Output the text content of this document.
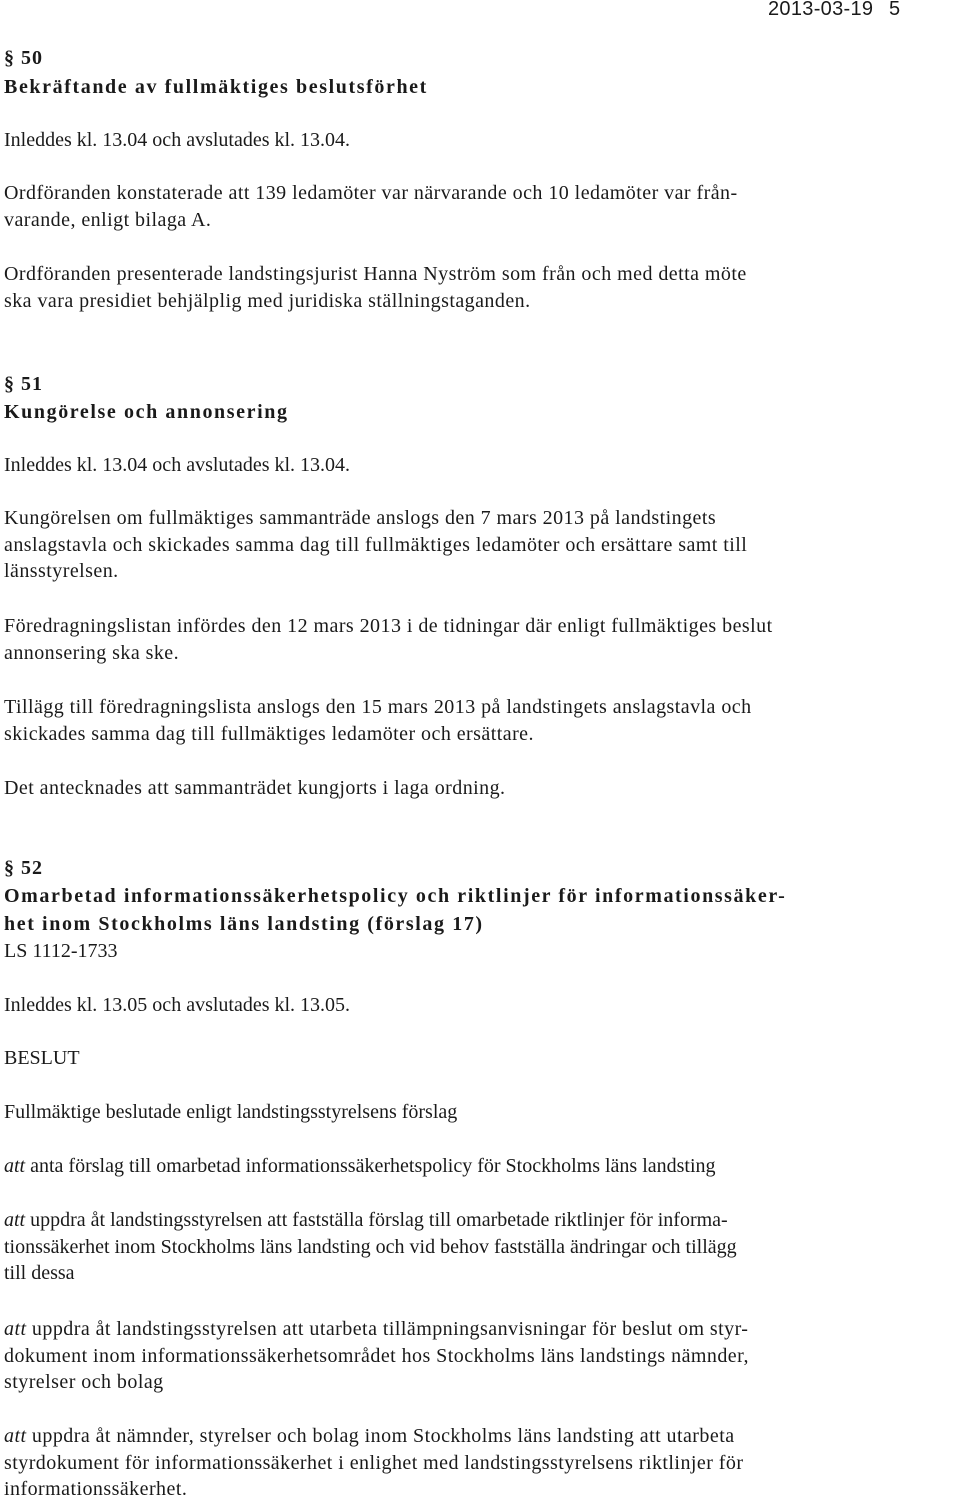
2013-03-19 5

§ 50

Bekräftande av fullmäktiges beslutsförhet

Inleddes kl. 13.04 och avslutades kl. 13.04.

Ordföranden konstaterade att 139 ledamöter var närvarande och 10 ledamöter var från-
varande, enligt bilaga A.

Ordföranden presenterade landstingsjurist Hanna Nyström som från och med detta möte
ska vara presidiet behjälplig med juridiska ställningstaganden.

§ 51

Kungörelse och annonsering

Inleddes kl. 13.04 och avslutades kl. 13.04.

Kungörelsen om fullmäktiges sammanträde anslogs den 7 mars 2013 på landstingets
anslagstavla och skickades samma dag till fullmäktiges ledamöter och ersättare samt till
länsstyrelsen.

Föredragningslistan infördes den 12 mars 2013 i de tidningar där enligt fullmäktiges beslut
annonsering ska ske.

Tillägg till föredragningslista anslogs den 15 mars 2013 på landstingets anslagstavla och
skickades samma dag till fullmäktiges ledamöter och ersättare.

Det antecknades att sammanträdet kungjorts i laga ordning.

§ 52

Omarbetad informationssäkerhetspolicy och riktlinjer för informationssäker-
het inom Stockholms läns landsting (förslag 17)

LS 1112-1733

Inleddes kl. 13.05 och avslutades kl. 13.05.

BESLUT

Fullmäktige beslutade enligt landstingsstyrelsens förslag

att anta förslag till omarbetad informationssäkerhetspolicy för Stockholms läns landsting

att uppdra åt landstingsstyrelsen att fastställa förslag till omarbetade riktlinjer för informa-
tionssäkerhet inom Stockholms läns landsting och vid behov fastställa ändringar och tillägg
till dessa

att uppdra åt landstingsstyrelsen att utarbeta tillämpningsanvisningar för beslut om styr-
dokument inom informationssäkerhetsområdet hos Stockholms läns landstings nämnder,
styrelser och bolag

att uppdra åt nämnder, styrelser och bolag inom Stockholms läns landsting att utarbeta
styrdokument för informationssäkerhet i enlighet med landstingsstyrelsens riktlinjer för
informationssäkerhet.
